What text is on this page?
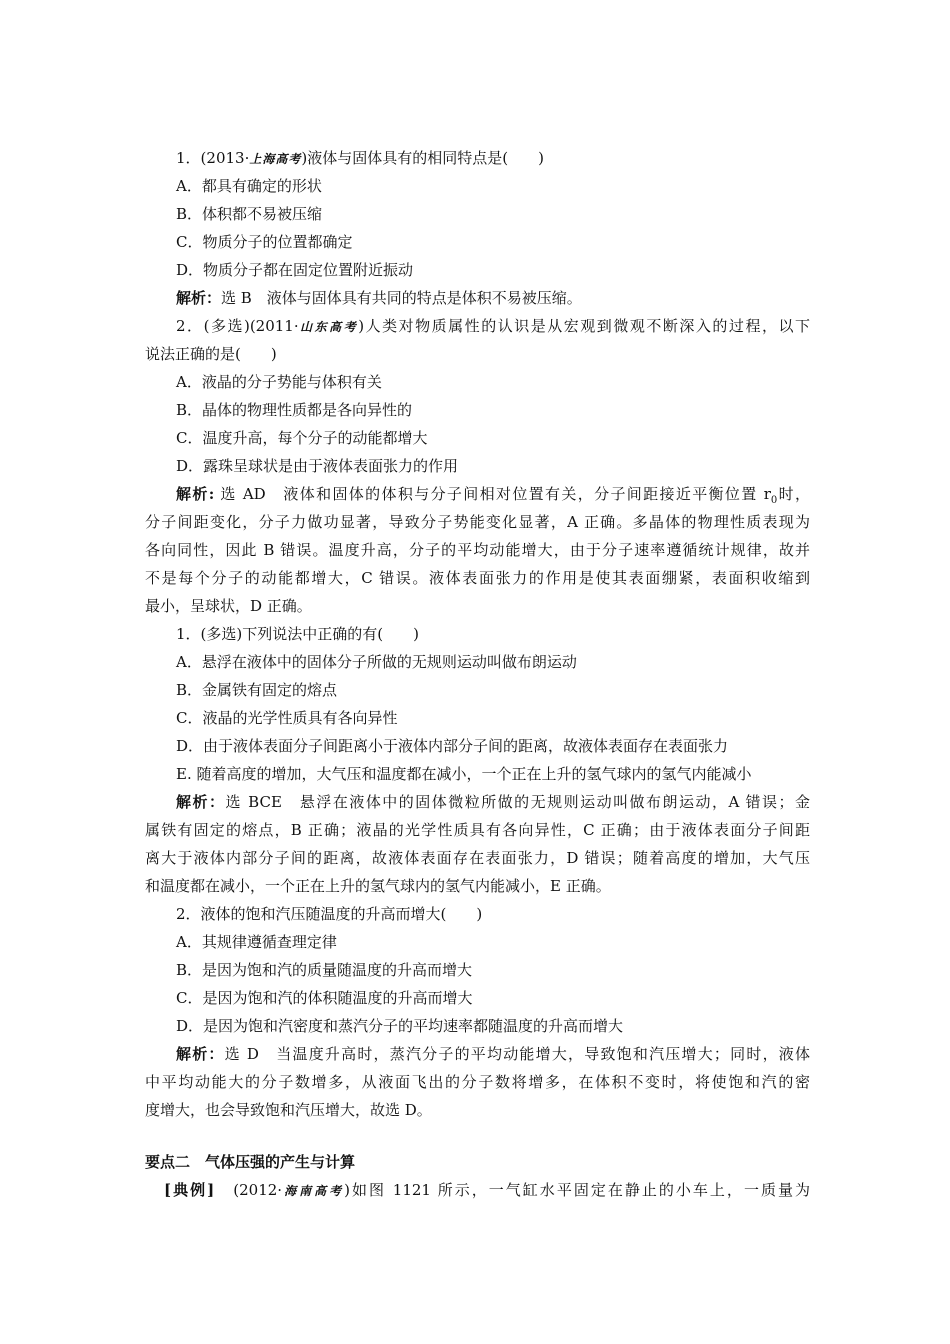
1．(2013·上海高考)液体与固体具有的相同特点是(　　)
A．都具有确定的形状
B．体积都不易被压缩
C．物质分子的位置都确定
D．物质分子都在固定位置附近振动
解析：选 B　液体与固体具有共同的特点是体积不易被压缩。
2．(多选)(2011·山东高考)人类对物质属性的认识是从宏观到微观不断深入的过程，以下
说法正确的是(　　)
A．液晶的分子势能与体积有关
B．晶体的物理性质都是各向异性的
C．温度升高，每个分子的动能都增大
D．露珠呈球状是由于液体表面张力的作用
解析: 选 AD　液体和固体的体积与分子间相对位置有关，分子间距接近平衡位置 $r_0$时，
分子间距变化，分子力做功显著，导致分子势能变化显著，A 正确。多晶体的物理性质表现为
各向同性，因此 B 错误。温度升高，分子的平均动能增大，由于分子速率遵循统计规律，故并
不是每个分子的动能都增大，C 错误。液体表面张力的作用是使其表面绷紧，表面积收缩到
最小，呈球状，D 正确。
1．(多选)下列说法中正确的有(　　)
A．悬浮在液体中的固体分子所做的无规则运动叫做布朗运动
B．金属铁有固定的熔点
C．液晶的光学性质具有各向异性
D．由于液体表面分子间距离小于液体内部分子间的距离，故液体表面存在表面张力
E. 随着高度的增加，大气压和温度都在减小，一个正在上升的氢气球内的氢气内能减小
解析：选 BCE　悬浮在液体中的固体微粒所做的无规则运动叫做布朗运动，A 错误；金
属铁有固定的熔点，B 正确；液晶的光学性质具有各向异性，C 正确；由于液体表面分子间距
离大于液体内部分子间的距离，故液体表面存在表面张力，D 错误；随着高度的增加，大气压
和温度都在减小，一个正在上升的氢气球内的氢气内能减小，E 正确。
2．液体的饱和汽压随温度的升高而增大(　　)
A．其规律遵循查理定律
B．是因为饱和汽的质量随温度的升高而增大
C．是因为饱和汽的体积随温度的升高而增大
D．是因为饱和汽密度和蒸汽分子的平均速率都随温度的升高而增大
解析：选 D　当温度升高时，蒸汽分子的平均动能增大，导致饱和汽压增大；同时，液体
中平均动能大的分子数增多，从液面飞出的分子数将增多，在体积不变时，将使饱和汽的密
度增大，也会导致饱和汽压增大，故选 D。
要点二　气体压强的产生与计算
[典例]　(2012·海南高考)如图 1121 所示，一气缸水平固定在静止的小车上，一质量为
